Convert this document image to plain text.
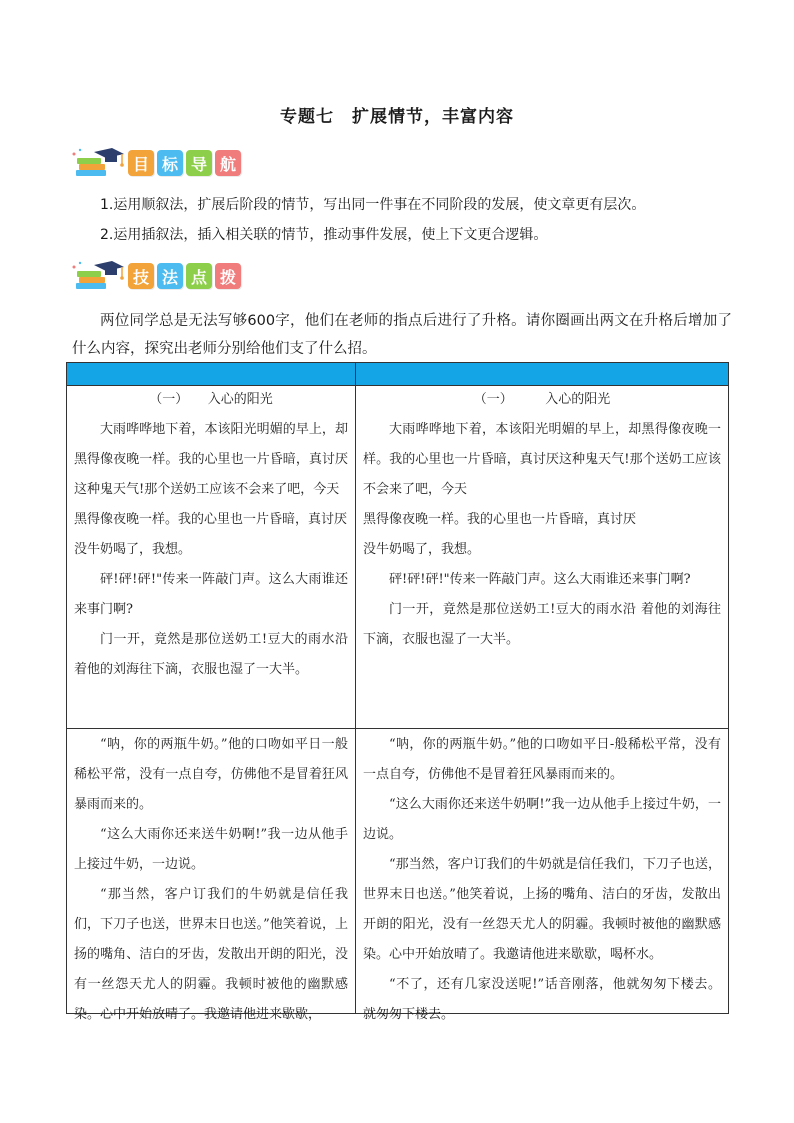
专题七　扩展情节，丰富内容
目 标 导 航
1.运用顺叙法，扩展后阶段的情节，写出同一件事在不同阶段的发展，使文章更有层次。
2.运用插叙法，插入相关联的情节，推动事件发展，使上下文更合逻辑。
技 法 点 拨
两位同学总是无法写够600字，他们在老师的指点后进行了升格。请你圈画出两文在升格后增加了什么内容，探究出老师分别给他们支了什么招。

（一）　　入心的阳光

大雨哗哗地下着，本该阳光明媚的早上，却黑得像夜晚一样。我的心里也一片昏暗，真讨厌这种鬼天气!那个送奶工应该不会来了吧，今天

黑得像夜晚一样。我的心里也一片昏暗，真讨厌

没牛奶喝了，我想。

砰!砰!砰!"传来一阵敲门声。这么大雨谁还来事门啊?

门一开，竟然是那位送奶工!豆大的雨水沿 着他的刘海往下滴，衣服也湿了一大半。

（一）　　　入心的阳光

大雨哗哗地下着，本该阳光明媚的早上，却黑得像夜晚一样。我的心里也一片昏暗，真讨厌这种鬼天气!那个送奶工应该不会来了吧，今天

黑得像夜晚一样。我的心里也一片昏暗，真讨厌

没牛奶喝了，我想。

砰!砰!砰!"传来一阵敲门声。这么大雨谁还来事门啊?

门一开，竟然是那位送奶工!豆大的雨水沿 着他的刘海往下滴，衣服也湿了一大半。

“呐，你的两瓶牛奶。”他的口吻如平日一般稀松平常，没有一点自夸，仿佛他不是冒着狂风暴雨而来的。

“这么大雨你还来送牛奶啊!”我一边从他手上接过牛奶，一边说。

“那当然，客户订我们的牛奶就是信任我们，下刀子也送，世界末日也送。”他笑着说，上扬的嘴角、洁白的牙齿，发散出开朗的阳光，没有一丝怨天尤人的阴霾。我顿时被他的幽默感染。心中开始放晴了。我邀请他进来歇歇，

“呐，你的两瓶牛奶。”他的口吻如平日-般稀松平常，没有一点自夸，仿佛他不是冒着狂风暴雨而来的。

“这么大雨你还来送牛奶啊!”我一边从他手上接过牛奶，一边说。

“那当然，客户订我们的牛奶就是信任我们，下刀子也送，世界末日也送。”他笑着说，上扬的嘴角、洁白的牙齿，发散出开朗的阳光，没有一丝怨天尤人的阴霾。我顿时被他的幽默感染。心中开始放晴了。我邀请他进来歇歇，喝杯水。

“不了，还有几家没送呢!”话音刚落，他就匆匆下楼去。 就匆匆下楼去。
